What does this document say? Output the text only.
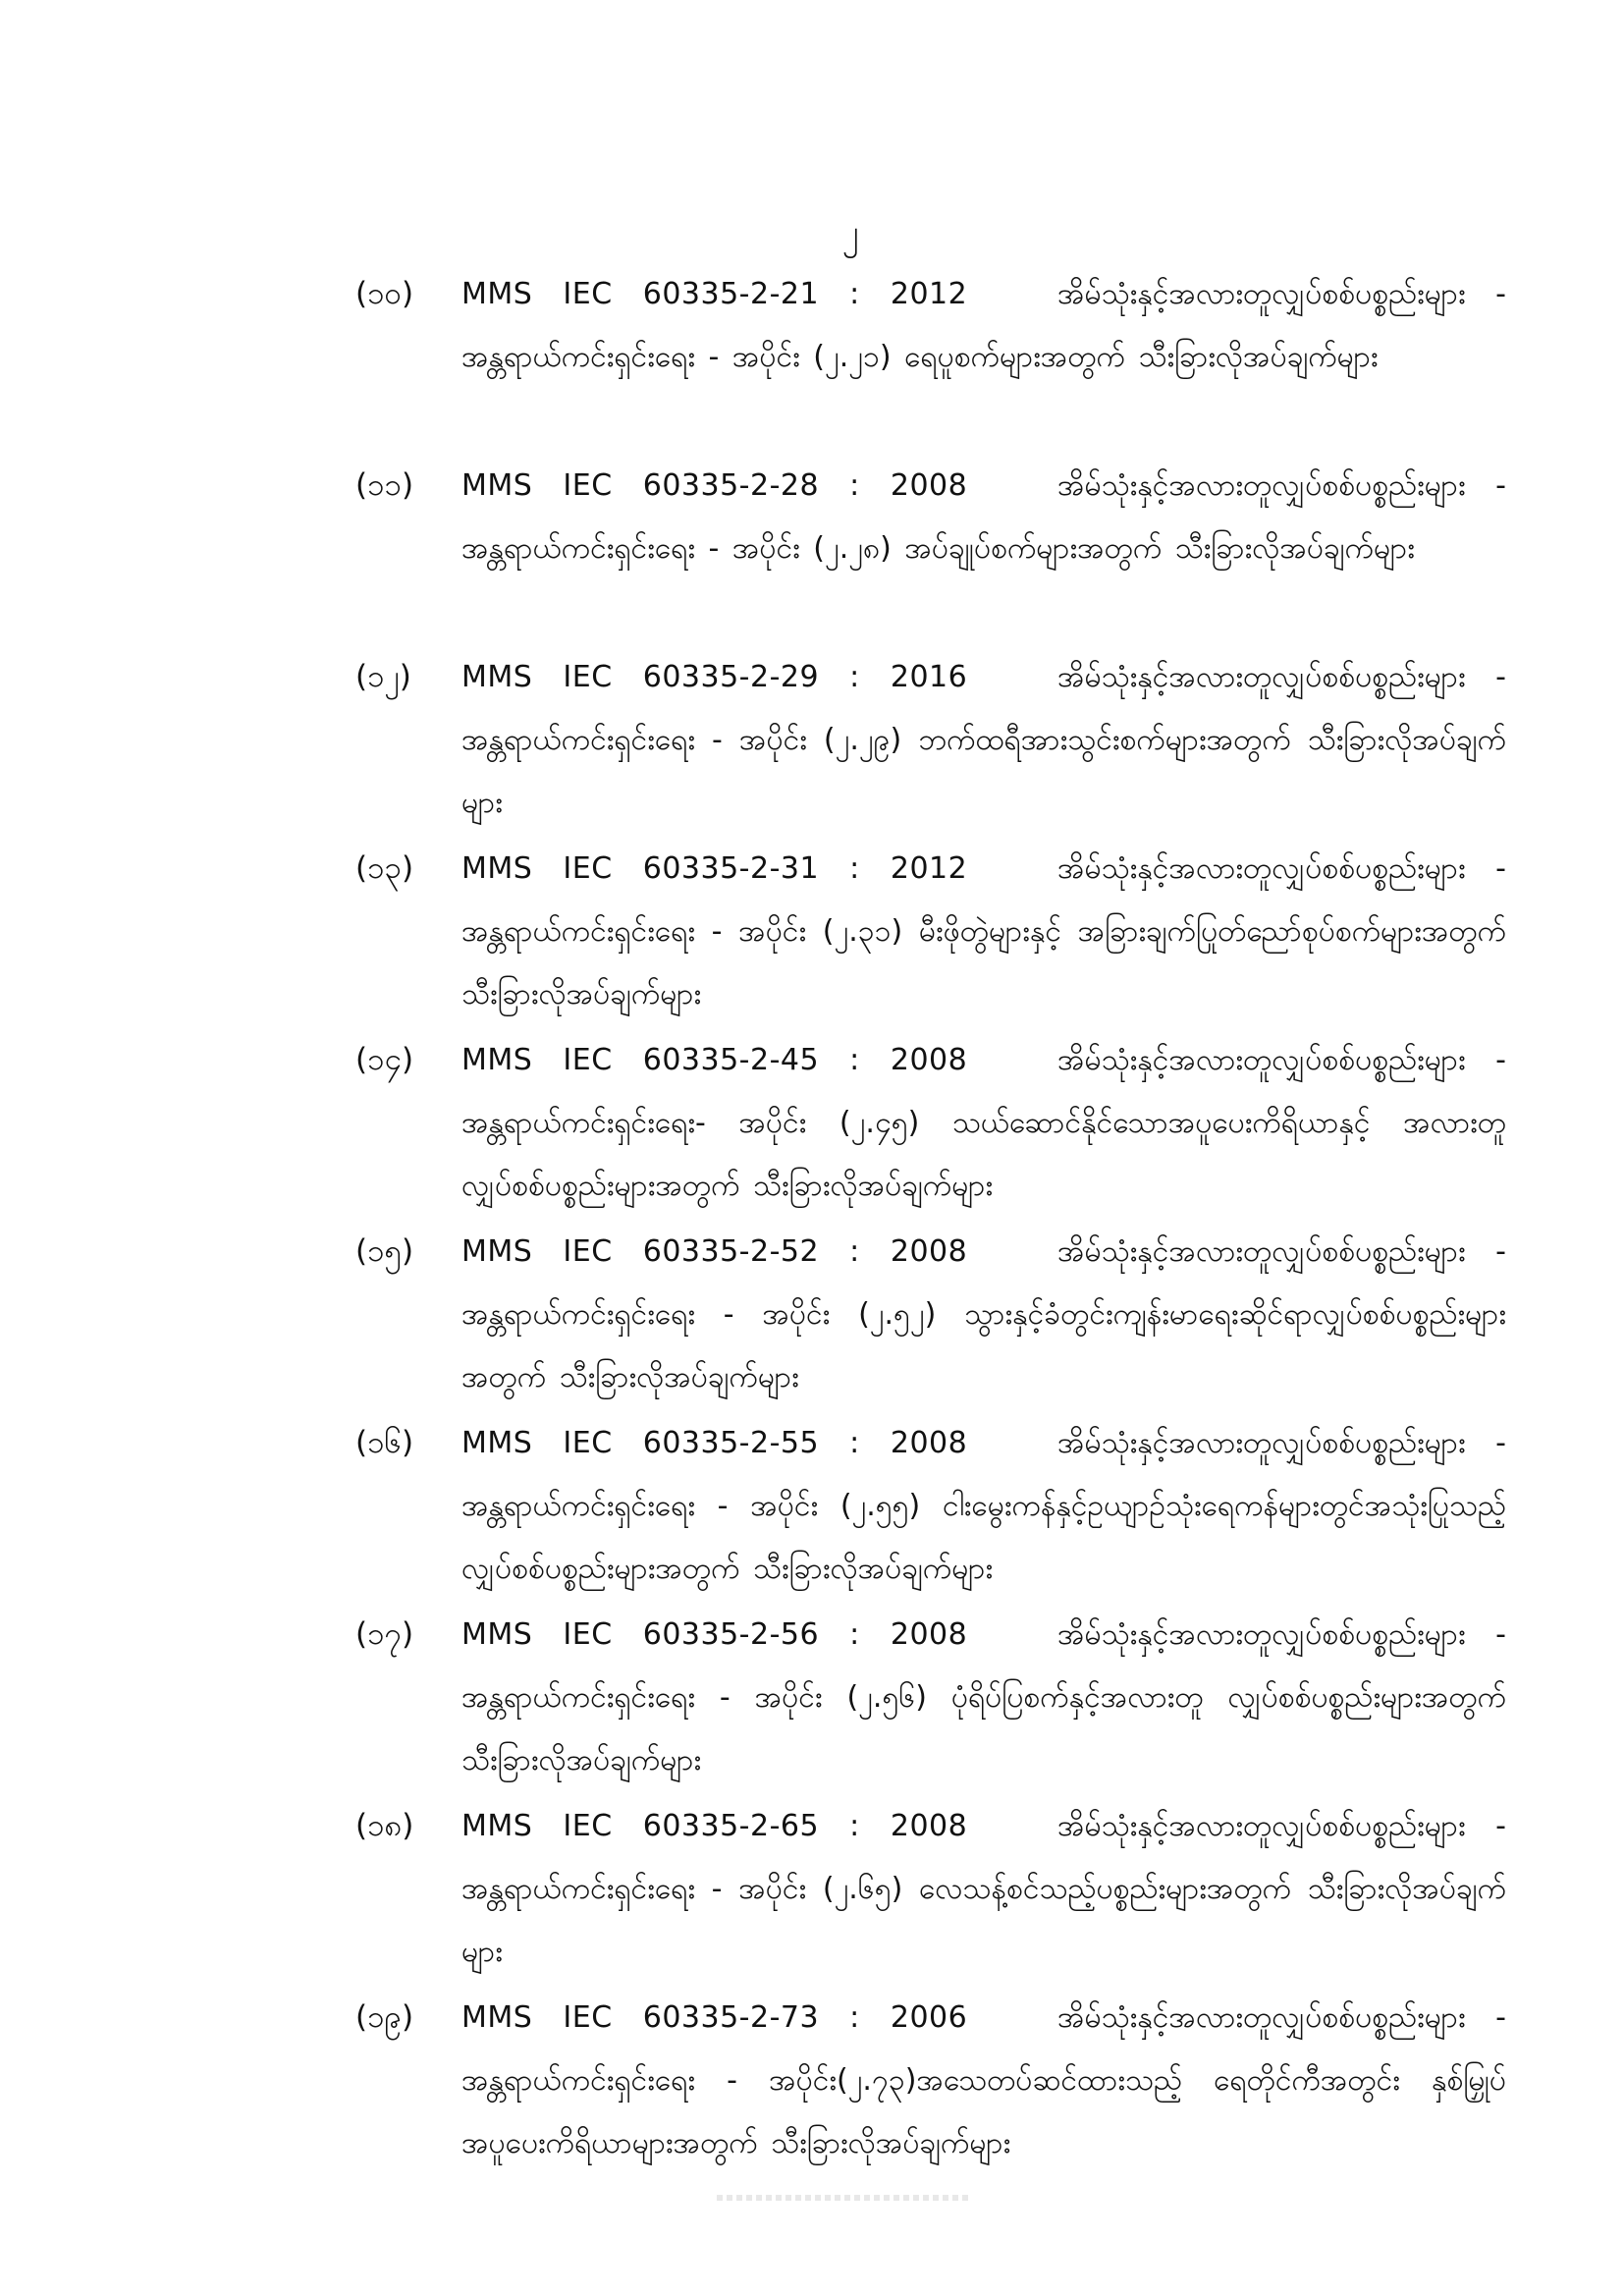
၂
(၁၀) MMS IEC 60335-2-21 : 2012	အိမ်သုံးနှင့်အလားတူလျှပ်စစ်ပစ္စည်းများ - အန္တရာယ်ကင်းရှင်းရေး - အပိုင်း (၂.၂၁) ရေပူစက်များအတွက် သီးခြားလိုအပ်ချက်များ
(၁၁) MMS IEC 60335-2-28 : 2008	အိမ်သုံးနှင့်အလားတူလျှပ်စစ်ပစ္စည်းများ - အန္တရာယ်ကင်းရှင်းရေး - အပိုင်း (၂.၂၈) အပ်ချုပ်စက်များအတွက် သီးခြားလိုအပ်ချက်များ
(၁၂) MMS IEC 60335-2-29 : 2016	အိမ်သုံးနှင့်အလားတူလျှပ်စစ်ပစ္စည်းများ - အန္တရာယ်ကင်းရှင်းရေး - အပိုင်း (၂.၂၉) ဘက်ထရီအားသွင်းစက်များအတွက် သီးခြားလိုအပ်ချက်များ
(၁၃) MMS IEC 60335-2-31 : 2012	အိမ်သုံးနှင့်အလားတူလျှပ်စစ်ပစ္စည်းများ - အန္တရာယ်ကင်းရှင်းရေး - အပိုင်း (၂.၃၁) မီးဖိုတွဲများနှင့် အခြားချက်ပြုတ်ညော်စုပ်စက်များအတွက် သီးခြားလိုအပ်ချက်များ
(၁၄) MMS IEC 60335-2-45 : 2008	အိမ်သုံးနှင့်အလားတူလျှပ်စစ်ပစ္စည်းများ - အန္တရာယ်ကင်းရှင်းရေး- အပိုင်း (၂.၄၅) သယ်ဆောင်နိုင်သောအပူပေးကိရိယာနှင့် အလားတူလျှပ်စစ်ပစ္စည်းများအတွက် သီးခြားလိုအပ်ချက်များ
(၁၅) MMS IEC 60335-2-52 : 2008	အိမ်သုံးနှင့်အလားတူလျှပ်စစ်ပစ္စည်းများ - အန္တရာယ်ကင်းရှင်းရေး - အပိုင်း (၂.၅၂) သွားနှင့်ခံတွင်းကျန်းမာရေးဆိုင်ရာလျှပ်စစ်ပစ္စည်းများအတွက် သီးခြားလိုအပ်ချက်များ
(၁၆) MMS IEC 60335-2-55 : 2008	အိမ်သုံးနှင့်အလားတူလျှပ်စစ်ပစ္စည်းများ - အန္တရာယ်ကင်းရှင်းရေး - အပိုင်း (၂.၅၅) ငါးမွေးကန်နှင့်ဥယျာဉ်သုံးရေကန်များတွင်အသုံးပြုသည့် လျှပ်စစ်ပစ္စည်းများအတွက် သီးခြားလိုအပ်ချက်များ
(၁၇) MMS IEC 60335-2-56 : 2008	အိမ်သုံးနှင့်အလားတူလျှပ်စစ်ပစ္စည်းများ - အန္တရာယ်ကင်းရှင်းရေး - အပိုင်း (၂.၅၆) ပုံရိပ်ပြစက်နှင့်အလားတူ လျှပ်စစ်ပစ္စည်းများအတွက် သီးခြားလိုအပ်ချက်များ
(၁၈) MMS IEC 60335-2-65 : 2008	အိမ်သုံးနှင့်အလားတူလျှပ်စစ်ပစ္စည်းများ - အန္တရာယ်ကင်းရှင်းရေး - အပိုင်း (၂.၆၅) လေသန့်စင်သည့်ပစ္စည်းများအတွက် သီးခြားလိုအပ်ချက်များ
(၁၉) MMS IEC 60335-2-73 : 2006	အိမ်သုံးနှင့်အလားတူလျှပ်စစ်ပစ္စည်းများ - အန္တရာယ်ကင်းရှင်းရေး - အပိုင်း(၂.၇၃)အသေတပ်ဆင်ထားသည့် ရေတိုင်ကီအတွင်း နှစ်မြှုပ်အပူပေးကိရိယာများအတွက် သီးခြားလိုအပ်ချက်များ
